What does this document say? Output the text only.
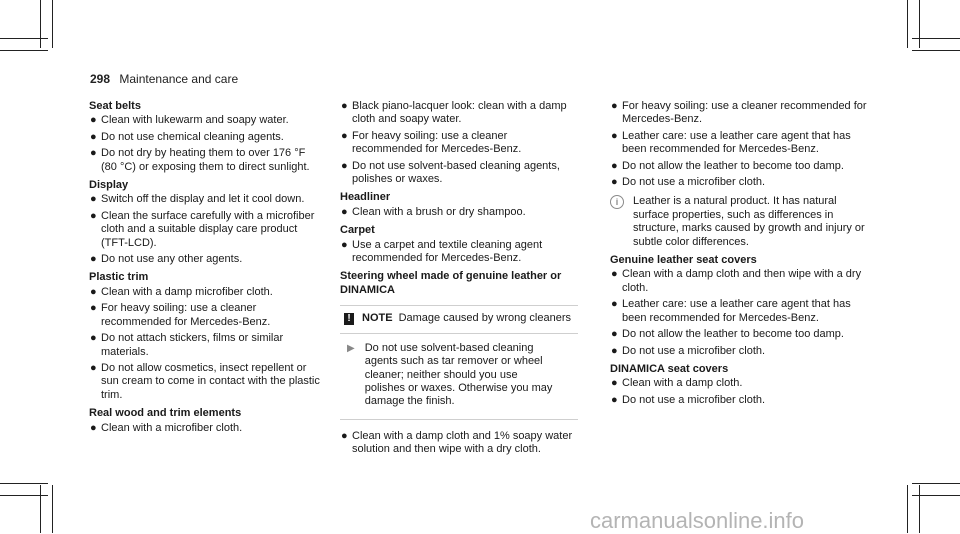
298 Maintenance and care
Seat belts
● Clean with lukewarm and soapy water.
● Do not use chemical cleaning agents.
● Do not dry by heating them to over 176 °F (80 °C) or exposing them to direct sunlight.
Display
● Switch off the display and let it cool down.
● Clean the surface carefully with a microfiber cloth and a suitable display care product (TFT-LCD).
● Do not use any other agents.
Plastic trim
● Clean with a damp microfiber cloth.
● For heavy soiling: use a cleaner recommended for Mercedes-Benz.
● Do not attach stickers, films or similar materials.
● Do not allow cosmetics, insect repellent or sun cream to come in contact with the plastic trim.
Real wood and trim elements
● Clean with a microfiber cloth.
● Black piano-lacquer look: clean with a damp cloth and soapy water.
● For heavy soiling: use a cleaner recommended for Mercedes-Benz.
● Do not use solvent-based cleaning agents, polishes or waxes.
Headliner
● Clean with a brush or dry shampoo.
Carpet
● Use a carpet and textile cleaning agent recommended for Mercedes-Benz.
Steering wheel made of genuine leather or DINAMICA
!	NOTE Damage caused by wrong cleaners
▶ Do not use solvent-based cleaning agents such as tar remover or wheel cleaner; neither should you use polishes or waxes. Otherwise you may damage the finish.
● Clean with a damp cloth and 1% soapy water solution and then wipe with a dry cloth.
● For heavy soiling: use a cleaner recommended for Mercedes-Benz.
● Leather care: use a leather care agent that has been recommended for Mercedes-Benz.
● Do not allow the leather to become too damp.
● Do not use a microfiber cloth.
i	Leather is a natural product. It has natural surface properties, such as differences in structure, marks caused by growth and injury or subtle color differences.
Genuine leather seat covers
● Clean with a damp cloth and then wipe with a dry cloth.
● Leather care: use a leather care agent that has been recommended for Mercedes-Benz.
● Do not allow the leather to become too damp.
● Do not use a microfiber cloth.
DINAMICA seat covers
● Clean with a damp cloth.
● Do not use a microfiber cloth.
carmanualsonline.info
